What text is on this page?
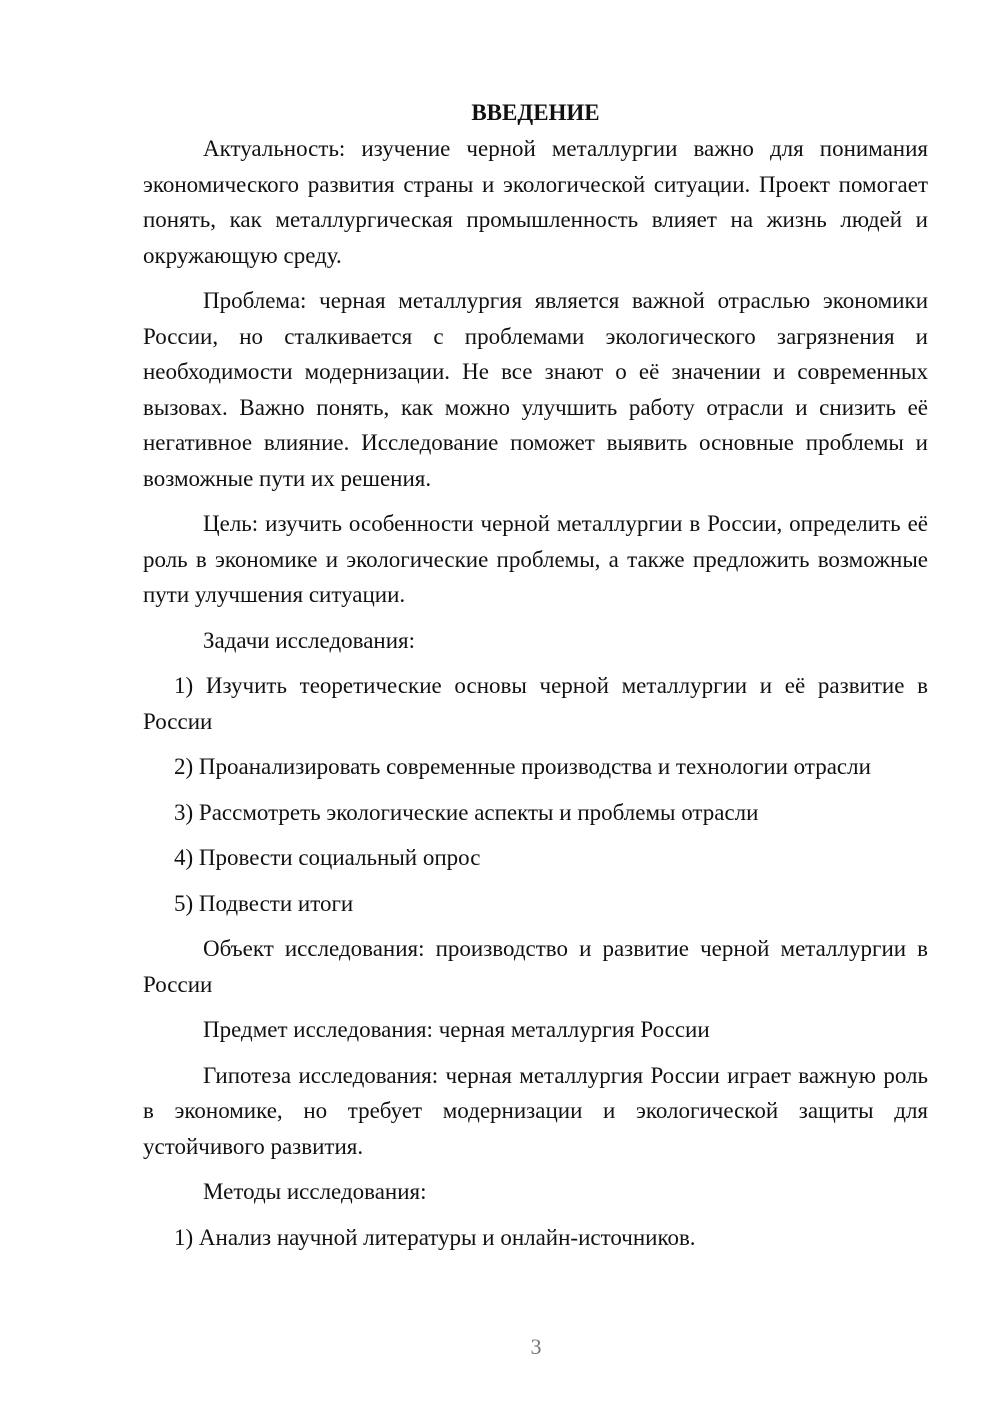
ВВЕДЕНИЕ

Актуальность: изучение черной металлургии важно для понимания экономического развития страны и экологической ситуации. Проект помогает понять, как металлургическая промышленность влияет на жизнь людей и окружающую среду.

Проблема: черная металлургия является важной отраслью экономики России, но сталкивается с проблемами экологического загрязнения и необходимости модернизации. Не все знают о её значении и современных вызовах. Важно понять, как можно улучшить работу отрасли и снизить её негативное влияние. Исследование поможет выявить основные проблемы и возможные пути их решения.

Цель: изучить особенности черной металлургии в России, определить её роль в экономике и экологические проблемы, а также предложить возможные пути улучшения ситуации.

Задачи исследования:

1) Изучить теоретические основы черной металлургии и её развитие в России

2) Проанализировать современные производства и технологии отрасли

3) Рассмотреть экологические аспекты и проблемы отрасли

4) Провести социальный опрос

5) Подвести итоги

Объект исследования: производство и развитие черной металлургии в России

Предмет исследования: черная металлургия России

Гипотеза исследования: черная металлургия России играет важную роль в экономике, но требует модернизации и экологической защиты для устойчивого развития.

Методы исследования:

1) Анализ научной литературы и онлайн-источников.

3
